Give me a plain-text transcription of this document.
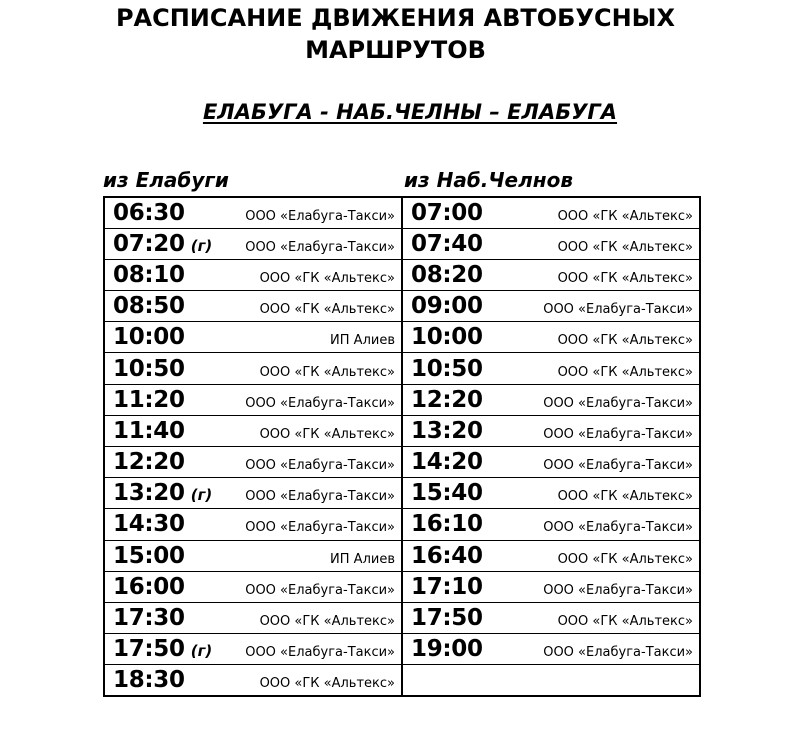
РАСПИСАНИЕ ДВИЖЕНИЯ АВТОБУСНЫХ
МАРШРУТОВ
ЕЛАБУГА - НАБ.ЧЕЛНЫ – ЕЛАБУГА
из Елабуги	из Наб.Челнов
06:30 ООО «Елабуга-Такси»	07:00 ООО «ГК «Альтекс»

07:20 (г) ООО «Елабуга-Такси»	07:40 ООО «ГК «Альтекс»

08:10 ООО «ГК «Альтекс»	08:20 ООО «ГК «Альтекс»

08:50 ООО «ГК «Альтекс»	09:00 ООО «Елабуга-Такси»

10:00 ИП Алиев	10:00 ООО «ГК «Альтекс»

10:50 ООО «ГК «Альтекс»	10:50 ООО «ГК «Альтекс»

11:20 ООО «Елабуга-Такси»	12:20 ООО «Елабуга-Такси»

11:40 ООО «ГК «Альтекс»	13:20 ООО «Елабуга-Такси»

12:20 ООО «Елабуга-Такси»	14:20 ООО «Елабуга-Такси»

13:20 (г) ООО «Елабуга-Такси»	15:40 ООО «ГК «Альтекс»

14:30 ООО «Елабуга-Такси»	16:10 ООО «Елабуга-Такси»

15:00 ИП Алиев	16:40 ООО «ГК «Альтекс»

16:00 ООО «Елабуга-Такси»	17:10 ООО «Елабуга-Такси»

17:30 ООО «ГК «Альтекс»	17:50 ООО «ГК «Альтекс»

17:50 (г) ООО «Елабуга-Такси»	19:00 ООО «Елабуга-Такси»

18:30 ООО «ГК «Альтекс»	
